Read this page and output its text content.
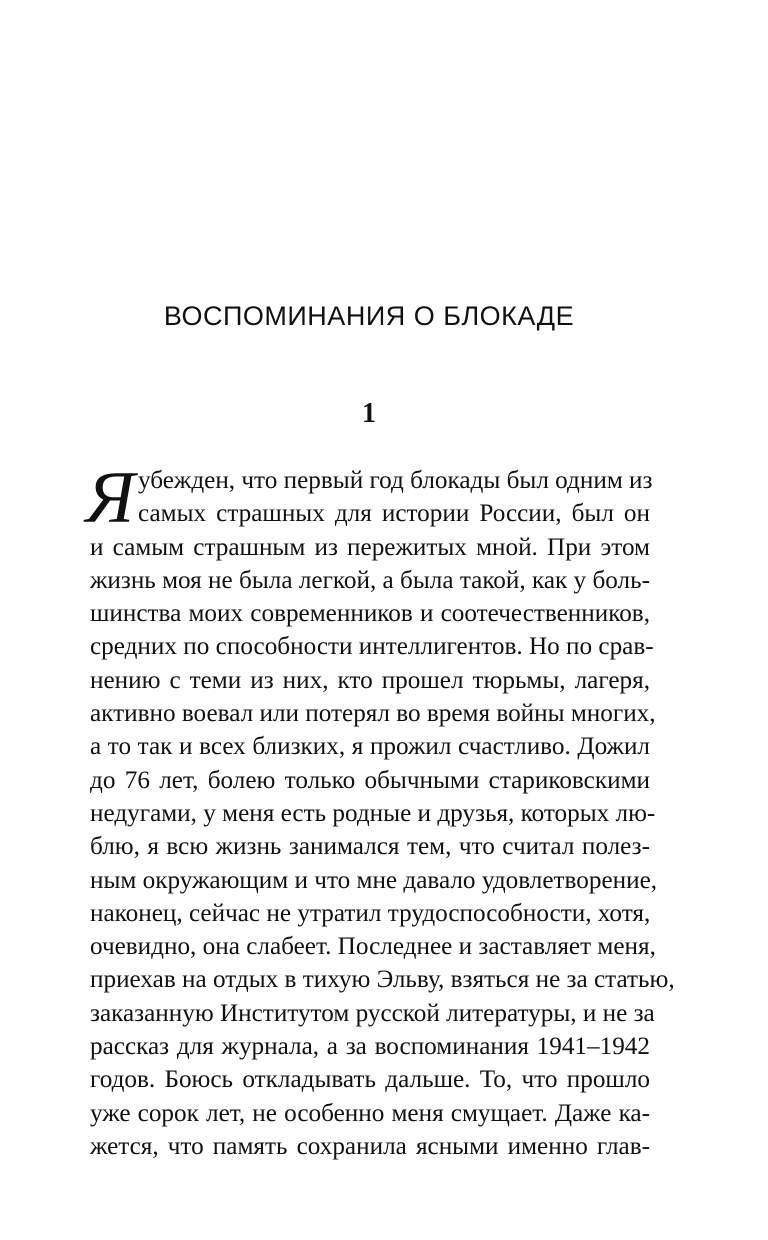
ВОСПОМИНАНИЯ О БЛОКАДЕ
1
Я убежден, что первый год блокады был одним из
самых страшных для истории России, был он
и самым страшным из пережитых мной. При этом
жизнь моя не была легкой, а была такой, как у боль-
шинства моих современников и соотечественников,
средних по способности интеллигентов. Но по срав-
нению с теми из них, кто прошел тюрьмы, лагеря,
активно воевал или потерял во время войны многих,
а то так и всех близких, я прожил счастливо. Дожил
до 76 лет, болею только обычными стариковскими
недугами, у меня есть родные и друзья, которых лю-
блю, я всю жизнь занимался тем, что считал полез-
ным окружающим и что мне давало удовлетворение,
наконец, сейчас не утратил трудоспособности, хотя,
очевидно, она слабеет. Последнее и заставляет меня,
приехав на отдых в тихую Эльву, взяться не за статью,
заказанную Институтом русской литературы, и не за
рассказ для журнала, а за воспоминания 1941–1942
годов. Боюсь откладывать дальше. То, что прошло
уже сорок лет, не особенно меня смущает. Даже ка-
жется, что память сохранила ясными именно глав-
